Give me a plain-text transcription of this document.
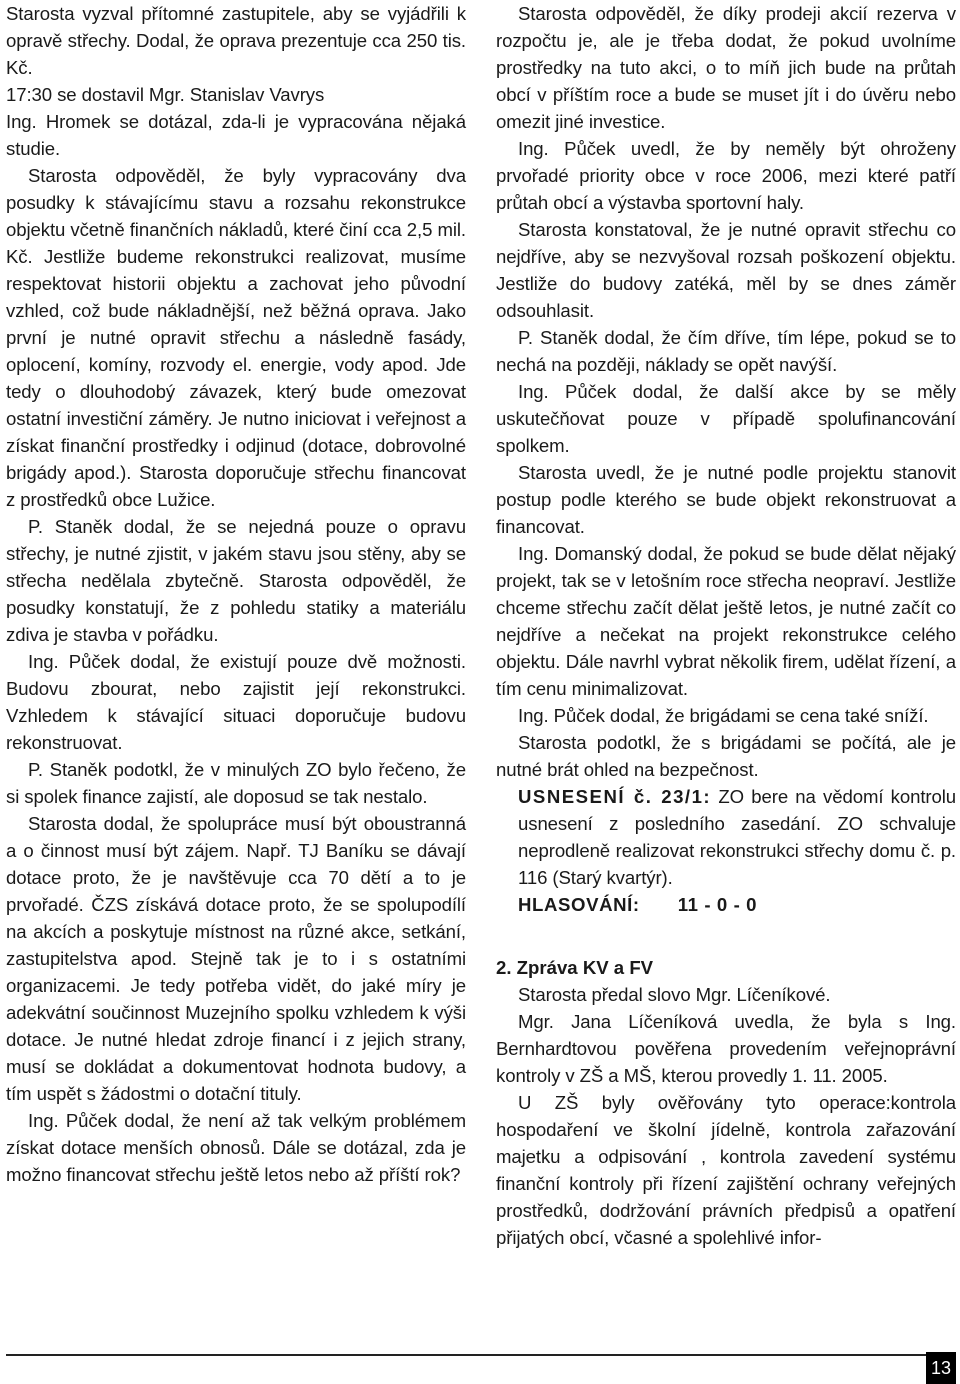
Starosta vyzval přítomné zastupitele, aby se vyjádřili k opravě střechy. Dodal, že oprava prezentuje cca 250 tis. Kč.

17:30 se dostavil Mgr. Stanislav Vavrys

Ing. Hromek se dotázal, zda-li je vypracována nějaká studie.

Starosta odpověděl, že byly vypracovány dva posudky k stávajícímu stavu a rozsahu rekonstrukce objektu včetně finančních nákladů, které činí cca 2,5 mil. Kč. Jestliže budeme rekonstrukci realizovat, musíme respektovat historii objektu a zachovat jeho původní vzhled, což bude nákladnější, než běžná oprava. Jako první je nutné opravit střechu a následně fasády, oplocení, komíny, rozvody el. energie, vody apod. Jde tedy o dlouhodobý závazek, který bude omezovat ostatní investiční záměry. Je nutno iniciovat i veřejnost a získat finanční prostředky i odjinud (dotace, dobrovolné brigády apod.). Starosta doporučuje střechu financovat z prostředků obce Lužice.

P. Staněk dodal, že se nejedná pouze o opravu střechy, je nutné zjistit, v jakém stavu jsou stěny, aby se střecha nedělala zbytečně. Starosta odpověděl, že posudky konstatují, že z pohledu statiky a materiálu zdiva je stavba v pořádku.

Ing. Půček dodal, že existují pouze dvě možnosti. Budovu zbourat, nebo zajistit její rekonstrukci. Vzhledem k stávající situaci doporučuje budovu rekonstruovat.

P. Staněk podotkl, že v minulých ZO bylo řečeno, že si spolek finance zajistí, ale doposud se tak nestalo.

Starosta dodal, že spolupráce musí být oboustranná a o činnost musí být zájem. Např. TJ Baníku se dávají dotace proto, že je navštěvuje cca 70 dětí a to je prvořadé. ČZS získává dotace proto, že se spolupodílí na akcích a poskytuje místnost na různé akce, setkání, zastupitelstva apod. Stejně tak je to i s ostatními organizacemi. Je tedy potřeba vidět, do jaké míry je adekvátní součinnost Muzejního spolku vzhledem k výši dotace. Je nutné hledat zdroje financí i z jejich strany, musí se dokládat a dokumentovat hodnota budovy, a tím uspět s žádostmi o dotační tituly.

Ing. Půček dodal, že není až tak velkým problémem získat dotace menších obnosů. Dále se dotázal, zda je možno financovat střechu ještě letos nebo až příští rok?

Starosta odpověděl, že díky prodeji akcií rezerva v rozpočtu je, ale je třeba dodat, že pokud uvolníme prostředky na tuto akci, o to míň jich bude na průtah obcí v příštím roce a bude se muset jít i do úvěru nebo omezit jiné investice.

Ing. Půček uvedl, že by neměly být ohroženy prvořadé priority obce v roce 2006, mezi které patří průtah obcí a výstavba sportovní haly.

Starosta konstatoval, že je nutné opravit střechu co nejdříve, aby se nezvyšoval rozsah poškození objektu. Jestliže do budovy zatéká, měl by se dnes záměr odsouhlasit.

P. Staněk dodal, že čím dříve, tím lépe, pokud se to nechá na později, náklady se opět navýší.

Ing. Půček dodal, že další akce by se měly uskutečňovat pouze v případě spolufinancování spolkem.

Starosta uvedl, že je nutné podle projektu stanovit postup podle kterého se bude objekt rekonstruovat a financovat.

Ing. Domanský dodal, že pokud se bude dělat nějaký projekt, tak se v letošním roce střecha neopraví. Jestliže chceme střechu začít dělat ještě letos, je nutné začít co nejdříve a nečekat na projekt rekonstrukce celého objektu. Dále navrhl vybrat několik firem, udělat řízení, a tím cenu minimalizovat.

Ing. Půček dodal, že brigádami se cena také sníží.

Starosta podotkl, že s brigádami se počítá, ale je nutné brát ohled na bezpečnost.

USNESENÍ č. 23/1: ZO bere na vědomí kontrolu usnesení z posledního zasedání. ZO schvaluje neprodleně realizovat rekonstrukci střechy domu č. p. 116 (Starý kvartýr).

HLASOVÁNÍ: 11 - 0 - 0

2. Zpráva KV a FV

Starosta předal slovo Mgr. Líčeníkové.

Mgr. Jana Líčeníková uvedla, že byla s Ing. Bernhardtovou pověřena provedením veřejnoprávní kontroly v ZŠ a MŠ, kterou provedly 1. 11. 2005.

U ZŠ byly ověřovány tyto operace:kontrola hospodaření ve školní jídelně, kontrola zařazování majetku a odpisování , kontrola zavedení systému finanční kontroly při řízení zajištění ochrany veřejných prostředků, dodržování právních předpisů a opatření přijatých obcí, včasné a spolehlivé infor-

13
